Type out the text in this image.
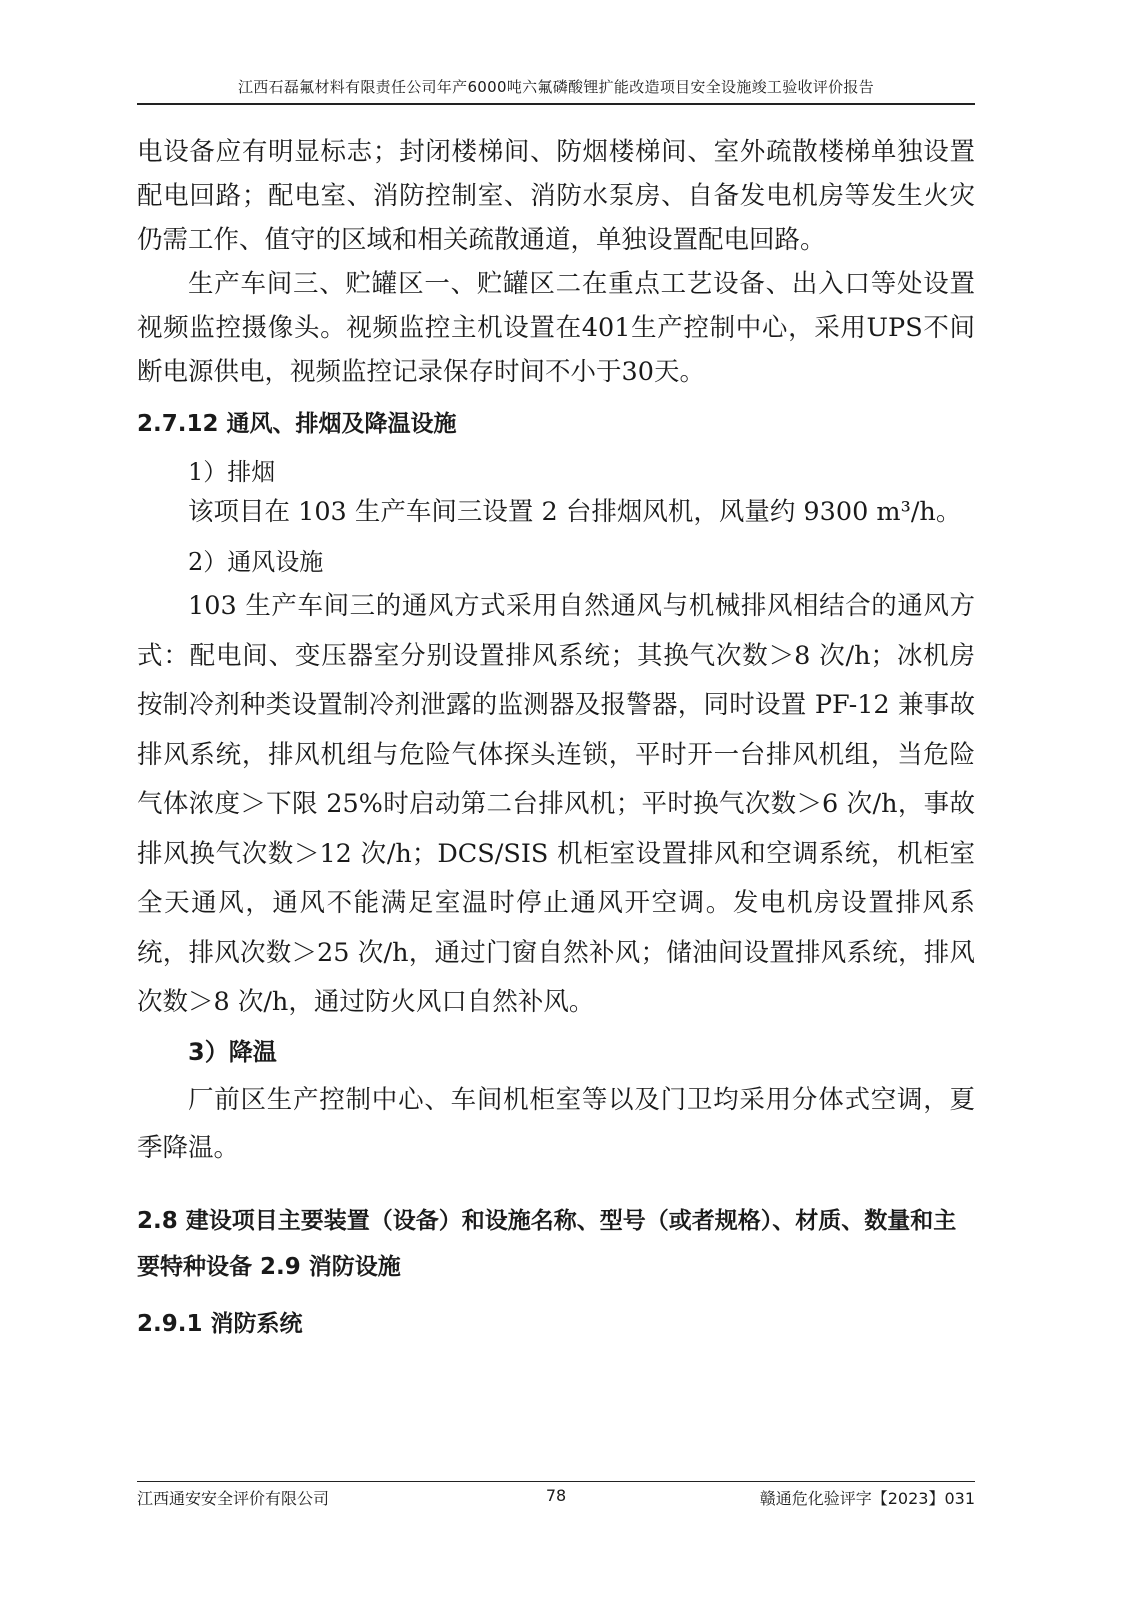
江西石磊氟材料有限责任公司年产6000吨六氟磷酸锂扩能改造项目安全设施竣工验收评价报告

电设备应有明显标志；封闭楼梯间、防烟楼梯间、室外疏散楼梯单独设置配电回路；配电室、消防控制室、消防水泵房、自备发电机房等发生火灾仍需工作、值守的区域和相关疏散通道，单独设置配电回路。

生产车间三、贮罐区一、贮罐区二在重点工艺设备、出入口等处设置视频监控摄像头。视频监控主机设置在401生产控制中心，采用UPS不间断电源供电，视频监控记录保存时间不小于30天。

2.7.12 通风、排烟及降温设施

1）排烟

该项目在 103 生产车间三设置 2 台排烟风机，风量约 9300 m³/h。

2）通风设施

103 生产车间三的通风方式采用自然通风与机械排风相结合的通风方式：配电间、变压器室分别设置排风系统；其换气次数＞8 次/h；冰机房按制冷剂种类设置制冷剂泄露的监测器及报警器，同时设置 PF-12 兼事故排风系统，排风机组与危险气体探头连锁，平时开一台排风机组，当危险气体浓度＞下限 25%时启动第二台排风机；平时换气次数＞6 次/h，事故排风换气次数＞12 次/h；DCS/SIS 机柜室设置排风和空调系统，机柜室全天通风，通风不能满足室温时停止通风开空调。发电机房设置排风系统，排风次数＞25 次/h，通过门窗自然补风；储油间设置排风系统，排风次数＞8 次/h，通过防火风口自然补风。

3）降温

厂前区生产控制中心、车间机柜室等以及门卫均采用分体式空调，夏季降温。

2.8 建设项目主要装置（设备）和设施名称、型号（或者规格）、材质、数量和主要特种设备 2.9 消防设施

2.9.1 消防系统

江西通安安全评价有限公司	78	赣通危化验评字【2023】031
